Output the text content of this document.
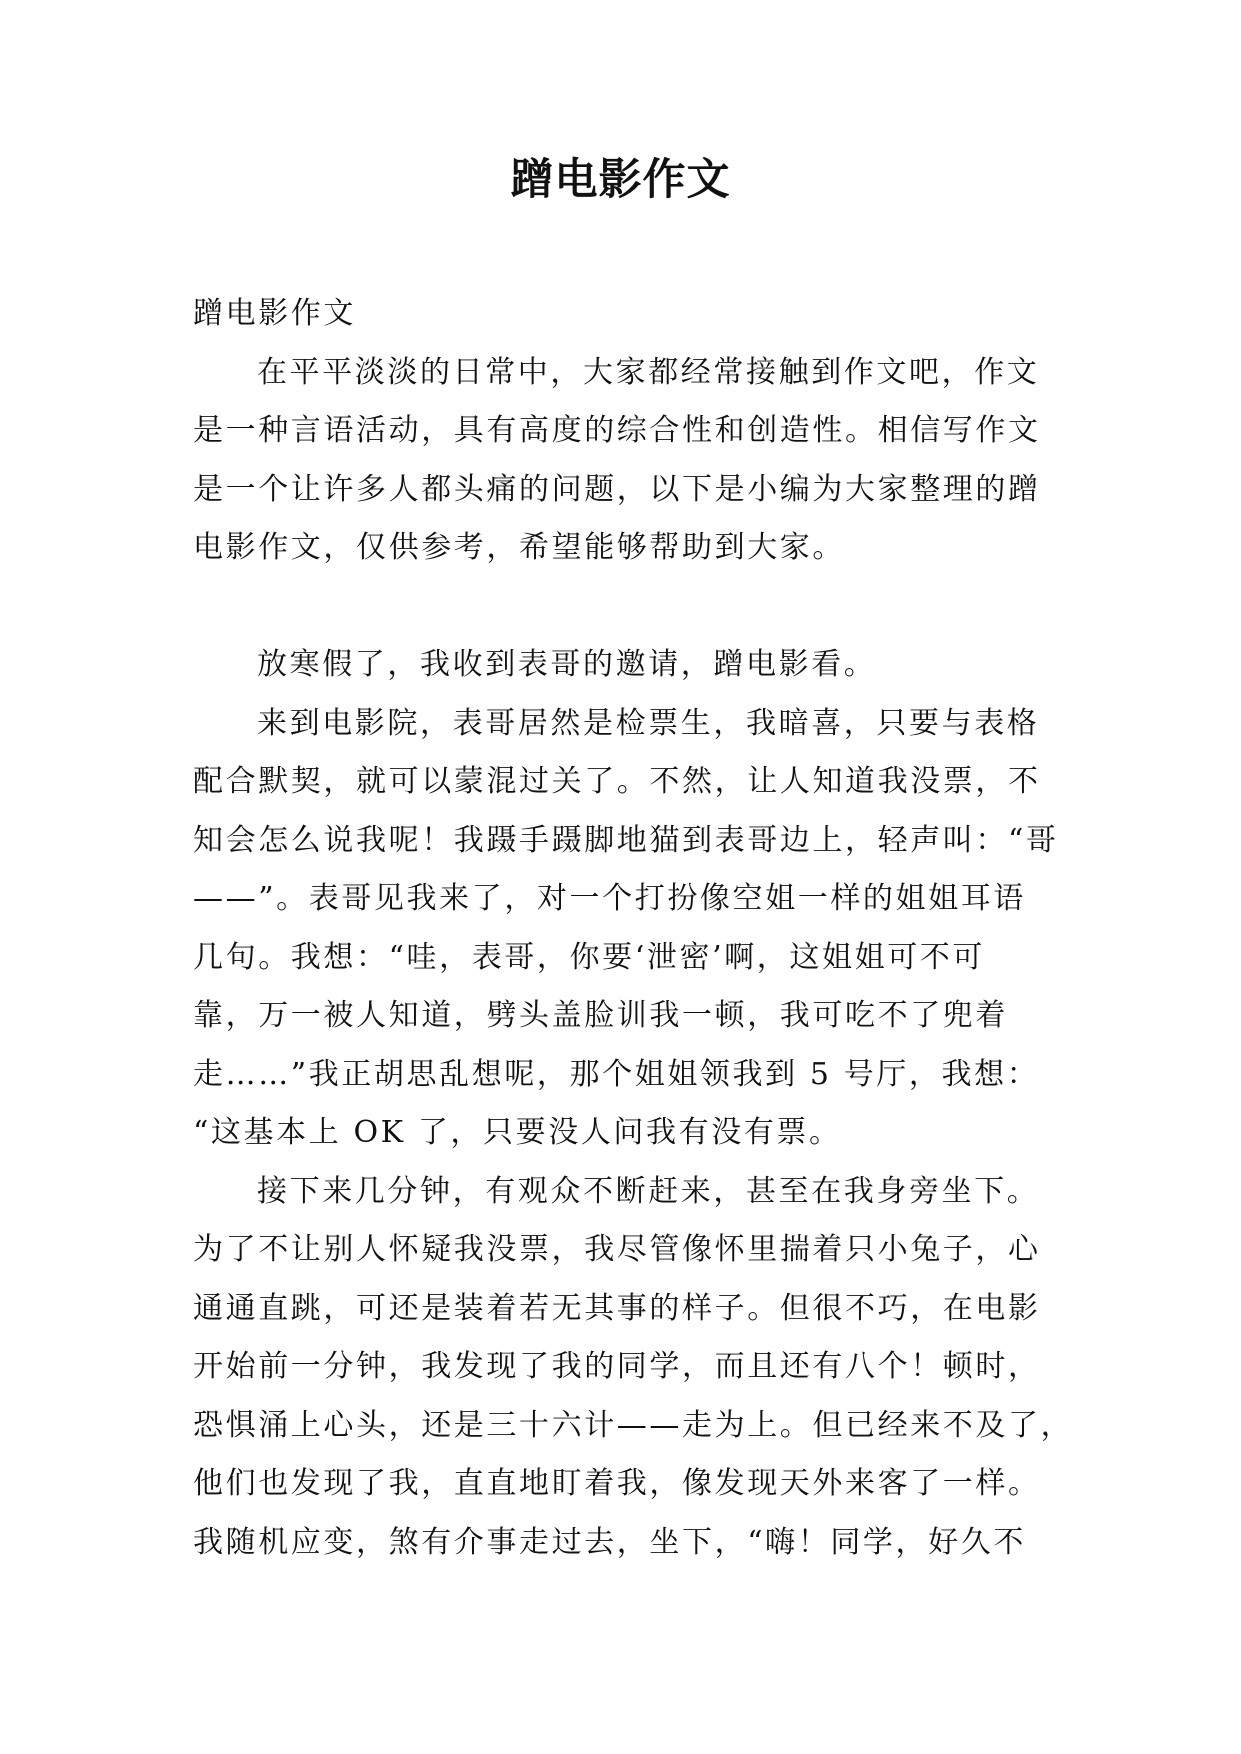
蹭电影作文
蹭电影作文
在平平淡淡的日常中，大家都经常接触到作文吧，作文
是一种言语活动，具有高度的综合性和创造性。相信写作文
是一个让许多人都头痛的问题，以下是小编为大家整理的蹭
电影作文，仅供参考，希望能够帮助到大家。
放寒假了，我收到表哥的邀请，蹭电影看。
来到电影院，表哥居然是检票生，我暗喜，只要与表格
配合默契，就可以蒙混过关了。不然，让人知道我没票，不
知会怎么说我呢！我蹑手蹑脚地猫到表哥边上，轻声叫：“哥
——”。表哥见我来了，对一个打扮像空姐一样的姐姐耳语
几句。我想：“哇，表哥，你要‘泄密’啊，这姐姐可不可
靠，万一被人知道，劈头盖脸训我一顿，我可吃不了兜着
走……”我正胡思乱想呢，那个姐姐领我到 5 号厅，我想：
“这基本上 OK 了，只要没人问我有没有票。
接下来几分钟，有观众不断赶来，甚至在我身旁坐下。
为了不让别人怀疑我没票，我尽管像怀里揣着只小兔子，心
通通直跳，可还是装着若无其事的样子。但很不巧，在电影
开始前一分钟，我发现了我的同学，而且还有八个！顿时，
恐惧涌上心头，还是三十六计——走为上。但已经来不及了，
他们也发现了我，直直地盯着我，像发现天外来客了一样。
我随机应变，煞有介事走过去，坐下，“嗨！同学，好久不
